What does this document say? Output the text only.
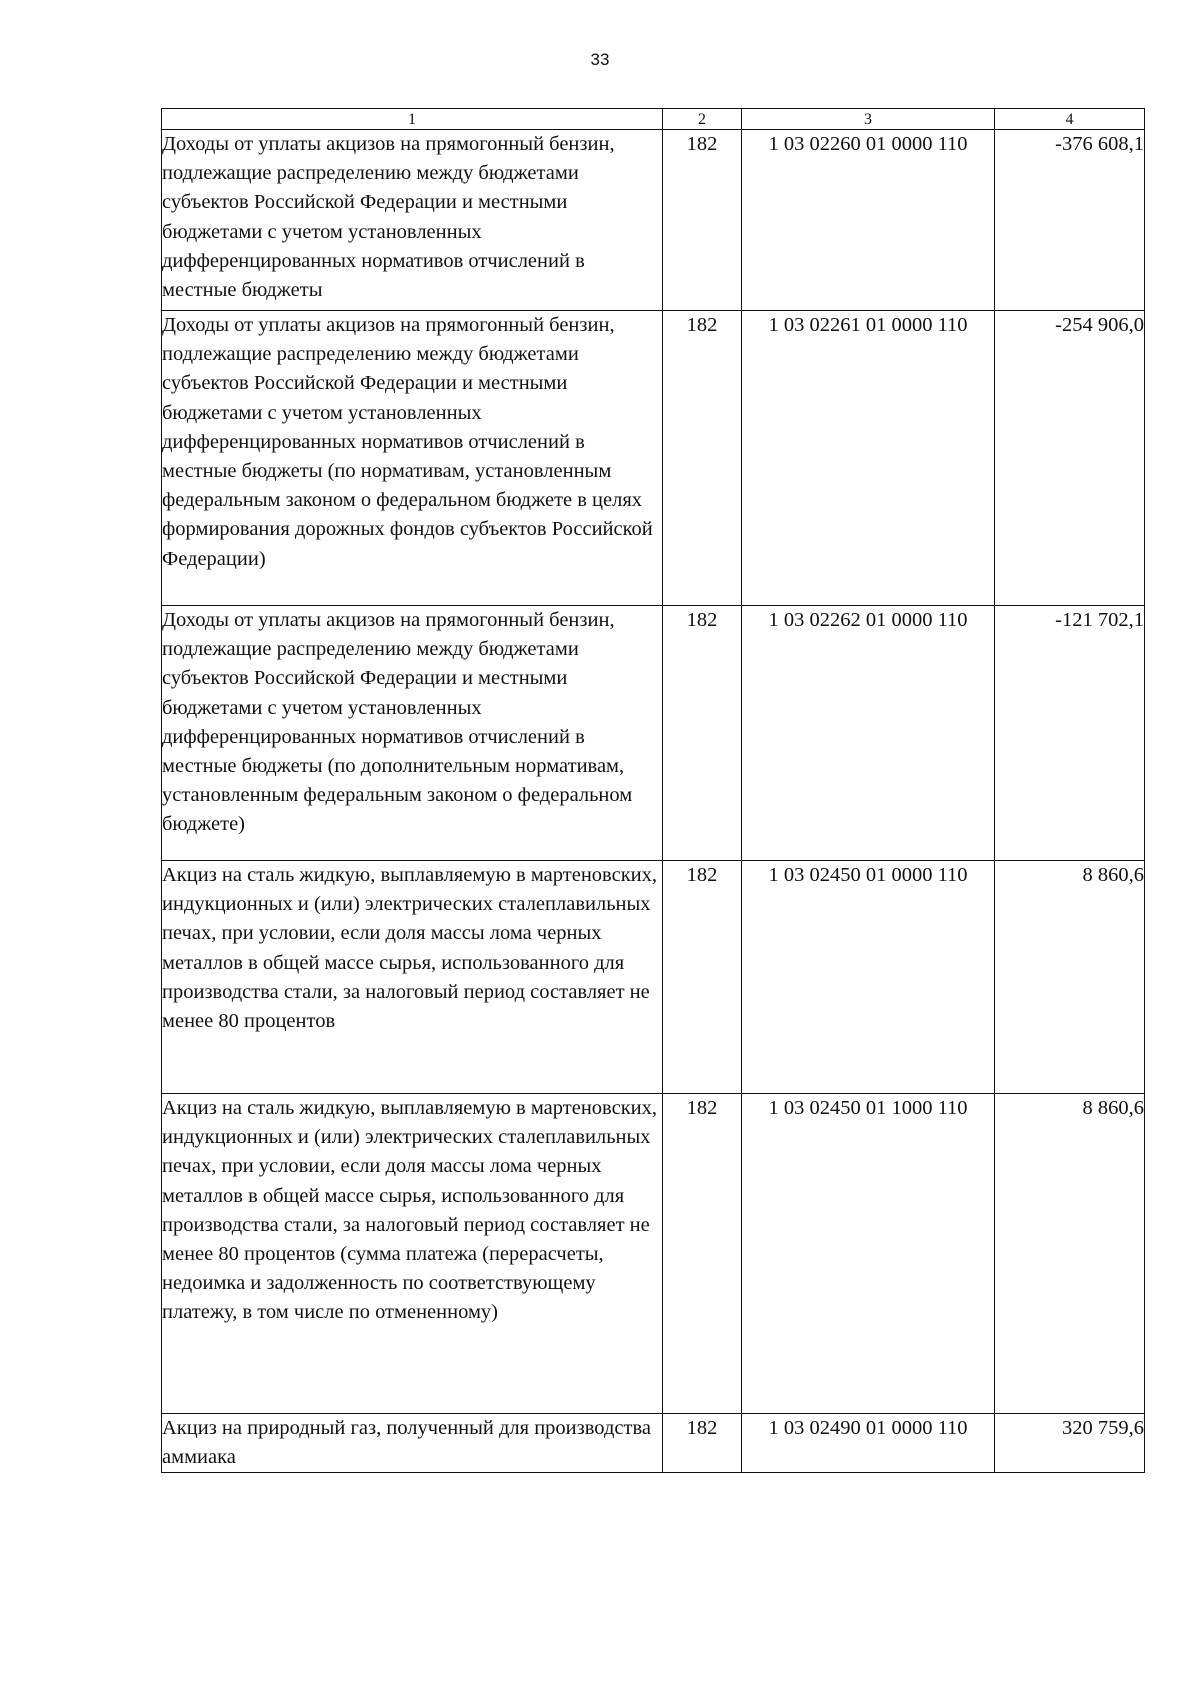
33
1	2	3	4
Доходы от уплаты акцизов на прямогонный бензин, подлежащие распределению между бюджетами субъектов Российской Федерации и местными бюджетами с учетом установленных дифференцированных нормативов отчислений в местные бюджеты	182	1 03 02260 01 0000 110	-376 608,1
Доходы от уплаты акцизов на прямогонный бензин, подлежащие распределению между бюджетами субъектов Российской Федерации и местными бюджетами с учетом установленных дифференцированных нормативов отчислений в местные бюджеты (по нормативам, установленным федеральным законом о федеральном бюджете в целях формирования дорожных фондов субъектов Российской Федерации)	182	1 03 02261 01 0000 110	-254 906,0
Доходы от уплаты акцизов на прямогонный бензин, подлежащие распределению между бюджетами субъектов Российской Федерации и местными бюджетами с учетом установленных дифференцированных нормативов отчислений в местные бюджеты (по дополнительным нормативам, установленным федеральным законом о федеральном бюджете)	182	1 03 02262 01 0000 110	-121 702,1
Акциз на сталь жидкую, выплавляемую в мартеновских, индукционных и (или) электрических сталеплавильных печах, при условии, если доля массы лома черных металлов в общей массе сырья, использованного для производства стали, за налоговый период составляет не менее 80 процентов	182	1 03 02450 01 0000 110	8 860,6
Акциз на сталь жидкую, выплавляемую в мартеновских, индукционных и (или) электрических сталеплавильных печах, при условии, если доля массы лома черных металлов в общей массе сырья, использованного для производства стали, за налоговый период составляет не менее 80 процентов (сумма платежа (перерасчеты, недоимка и задолженность по соответствующему платежу, в том числе по отмененному)	182	1 03 02450 01 1000 110	8 860,6
Акциз на природный газ, полученный для производства аммиака	182	1 03 02490 01 0000 110	320 759,6
